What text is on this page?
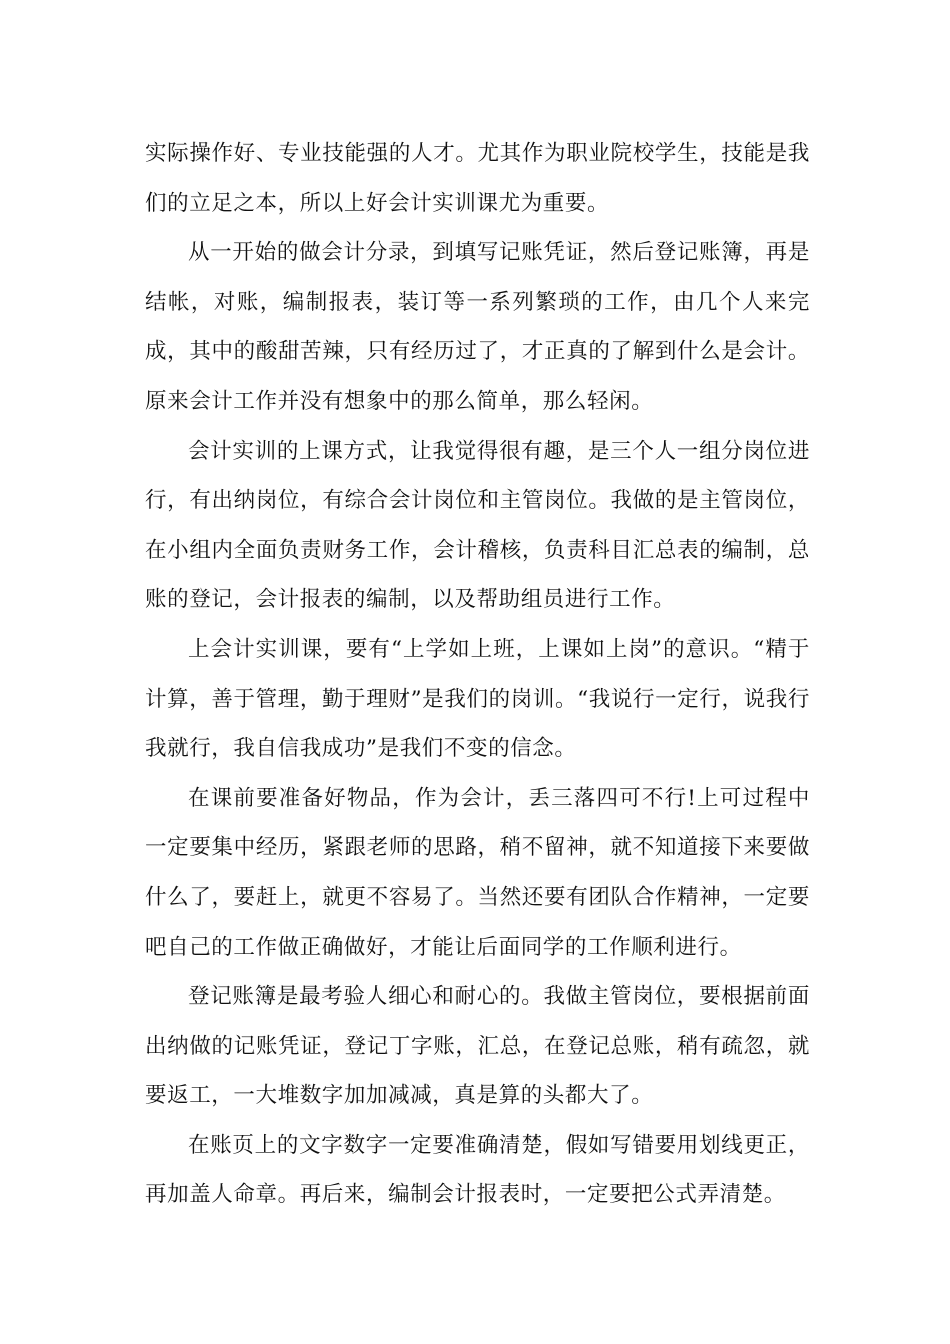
实际操作好、专业技能强的人才。尤其作为职业院校学生，技能是我们的立足之本，所以上好会计实训课尤为重要。

从一开始的做会计分录，到填写记账凭证，然后登记账簿，再是结帐，对账，编制报表，装订等一系列繁琐的工作，由几个人来完成，其中的酸甜苦辣，只有经历过了，才正真的了解到什么是会计。原来会计工作并没有想象中的那么简单，那么轻闲。

会计实训的上课方式，让我觉得很有趣，是三个人一组分岗位进行，有出纳岗位，有综合会计岗位和主管岗位。我做的是主管岗位，在小组内全面负责财务工作，会计稽核，负责科目汇总表的编制，总账的登记，会计报表的编制，以及帮助组员进行工作。

上会计实训课，要有“上学如上班，上课如上岗”的意识。“精于计算，善于管理，勤于理财”是我们的岗训。“我说行一定行，说我行我就行，我自信我成功”是我们不变的信念。

在课前要准备好物品，作为会计，丢三落四可不行!上可过程中一定要集中经历，紧跟老师的思路，稍不留神，就不知道接下来要做什么了，要赶上，就更不容易了。当然还要有团队合作精神，一定要吧自己的工作做正确做好，才能让后面同学的工作顺利进行。

登记账簿是最考验人细心和耐心的。我做主管岗位，要根据前面出纳做的记账凭证，登记丁字账，汇总，在登记总账，稍有疏忽，就要返工，一大堆数字加加减减，真是算的头都大了。

在账页上的文字数字一定要准确清楚，假如写错要用划线更正，再加盖人命章。再后来，编制会计报表时，一定要把公式弄清楚。
